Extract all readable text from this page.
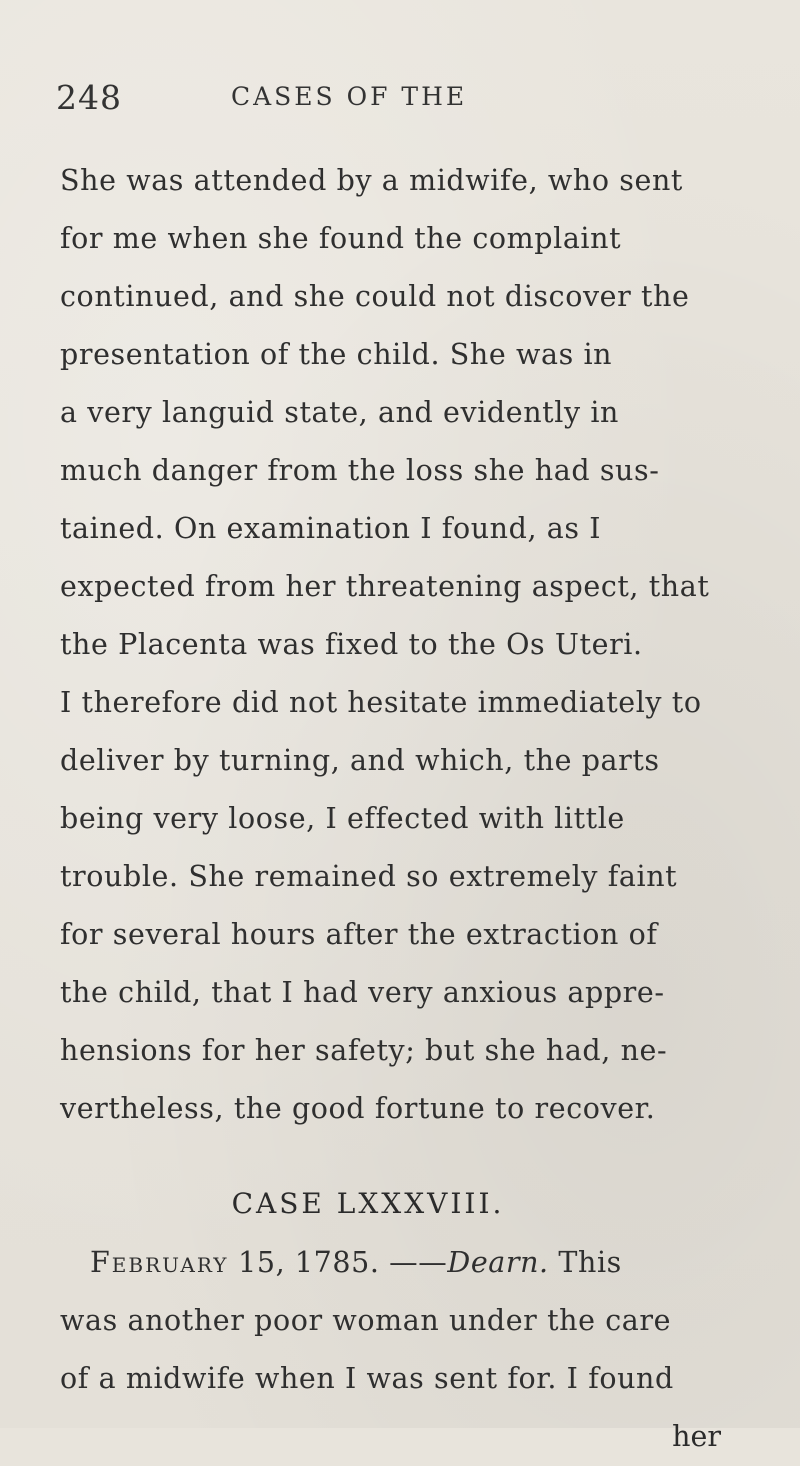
248	CASES OF THE
She was attended by a midwife, who sent
for me when she found the complaint
continued, and she could not discover the
presentation of the child. She was in
a very languid state, and evidently in
much danger from the loss she had sus-
tained. On examination I found, as I
expected from her threatening aspect, that
the Placenta was fixed to the Os Uteri.
I therefore did not hesitate immediately to
deliver by turning, and which, the parts
being very loose, I effected with little
trouble. She remained so extremely faint
for several hours after the extraction of
the child, that I had very anxious appre-
hensions for her safety; but she had, ne-
vertheless, the good fortune to recover.
CASE LXXXVIII.
February 15, 1785. ——Dearn. This
was another poor woman under the care
of a midwife when I was sent for. I found
her
